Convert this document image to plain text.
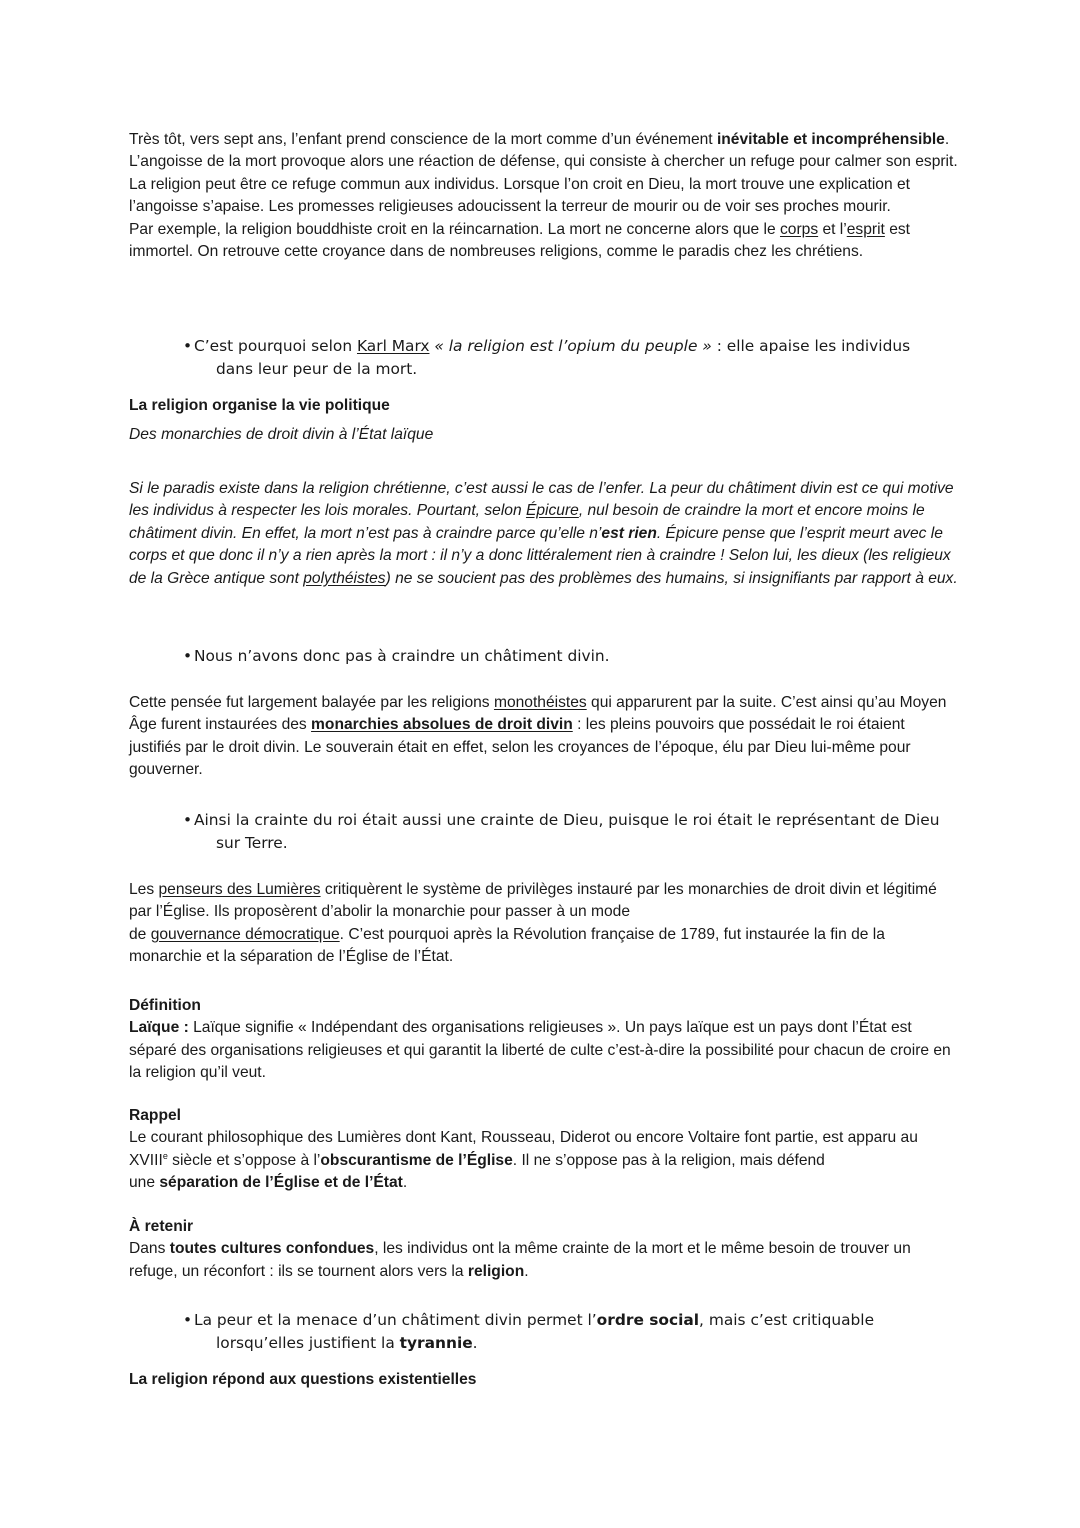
Très tôt, vers sept ans, l’enfant prend conscience de la mort comme d’un événement inévitable et incompréhensible. L’angoisse de la mort provoque alors une réaction de défense, qui consiste à chercher un refuge pour calmer son esprit. La religion peut être ce refuge commun aux individus. Lorsque l’on croit en Dieu, la mort trouve une explication et l’angoisse s’apaise. Les promesses religieuses adoucissent la terreur de mourir ou de voir ses proches mourir.
Par exemple, la religion bouddhiste croit en la réincarnation. La mort ne concerne alors que le corps et l’esprit est immortel. On retrouve cette croyance dans de nombreuses religions, comme le paradis chez les chrétiens.

• C’est pourquoi selon Karl Marx « la religion est l’opium du peuple » : elle apaise les individus
dans leur peur de la mort.

La religion organise la vie politique

Des monarchies de droit divin à l’État laïque

Si le paradis existe dans la religion chrétienne, c’est aussi le cas de l’enfer. La peur du châtiment divin est ce qui motive les individus à respecter les lois morales. Pourtant, selon Épicure, nul besoin de craindre la mort et encore moins le châtiment divin. En effet, la mort n’est pas à craindre parce qu’elle n’est rien. Épicure pense que l’esprit meurt avec le corps et que donc il n’y a rien après la mort : il n’y a donc littéralement rien à craindre ! Selon lui, les dieux (les religieux de la Grèce antique sont polythéistes) ne se soucient pas des problèmes des humains, si insignifiants par rapport à eux.

• Nous n’avons donc pas à craindre un châtiment divin.

Cette pensée fut largement balayée par les religions monothéistes qui apparurent par la suite. C’est ainsi qu’au Moyen Âge furent instaurées des monarchies absolues de droit divin : les pleins pouvoirs que possédait le roi étaient justifiés par le droit divin. Le souverain était en effet, selon les croyances de l’époque, élu par Dieu lui-même pour gouverner.

• Ainsi la crainte du roi était aussi une crainte de Dieu, puisque le roi était le représentant de Dieu
sur Terre.

Les penseurs des Lumières critiquèrent le système de privilèges instauré par les monarchies de droit divin et légitimé par l’Église. Ils proposèrent d’abolir la monarchie pour passer à un mode
de gouvernance démocratique. C’est pourquoi après la Révolution française de 1789, fut instaurée la fin de la monarchie et la séparation de l’Église de l’État.

Définition
Laïque : Laïque signifie « Indépendant des organisations religieuses ». Un pays laïque est un pays dont l’État est séparé des organisations religieuses et qui garantit la liberté de culte c’est-à-dire la possibilité pour chacun de croire en la religion qu’il veut.

Rappel
Le courant philosophique des Lumières dont Kant, Rousseau, Diderot ou encore Voltaire font partie, est apparu au XVIIIe siècle et s’oppose à l’obscurantisme de l’Église. Il ne s’oppose pas à la religion, mais défend
une séparation de l’Église et de l’État.

À retenir
Dans toutes cultures confondues, les individus ont la même crainte de la mort et le même besoin de trouver un refuge, un réconfort : ils se tournent alors vers la religion.

• La peur et la menace d’un châtiment divin permet l’ordre social, mais c’est critiquable
lorsqu’elles justifient la tyrannie.

La religion répond aux questions existentielles
